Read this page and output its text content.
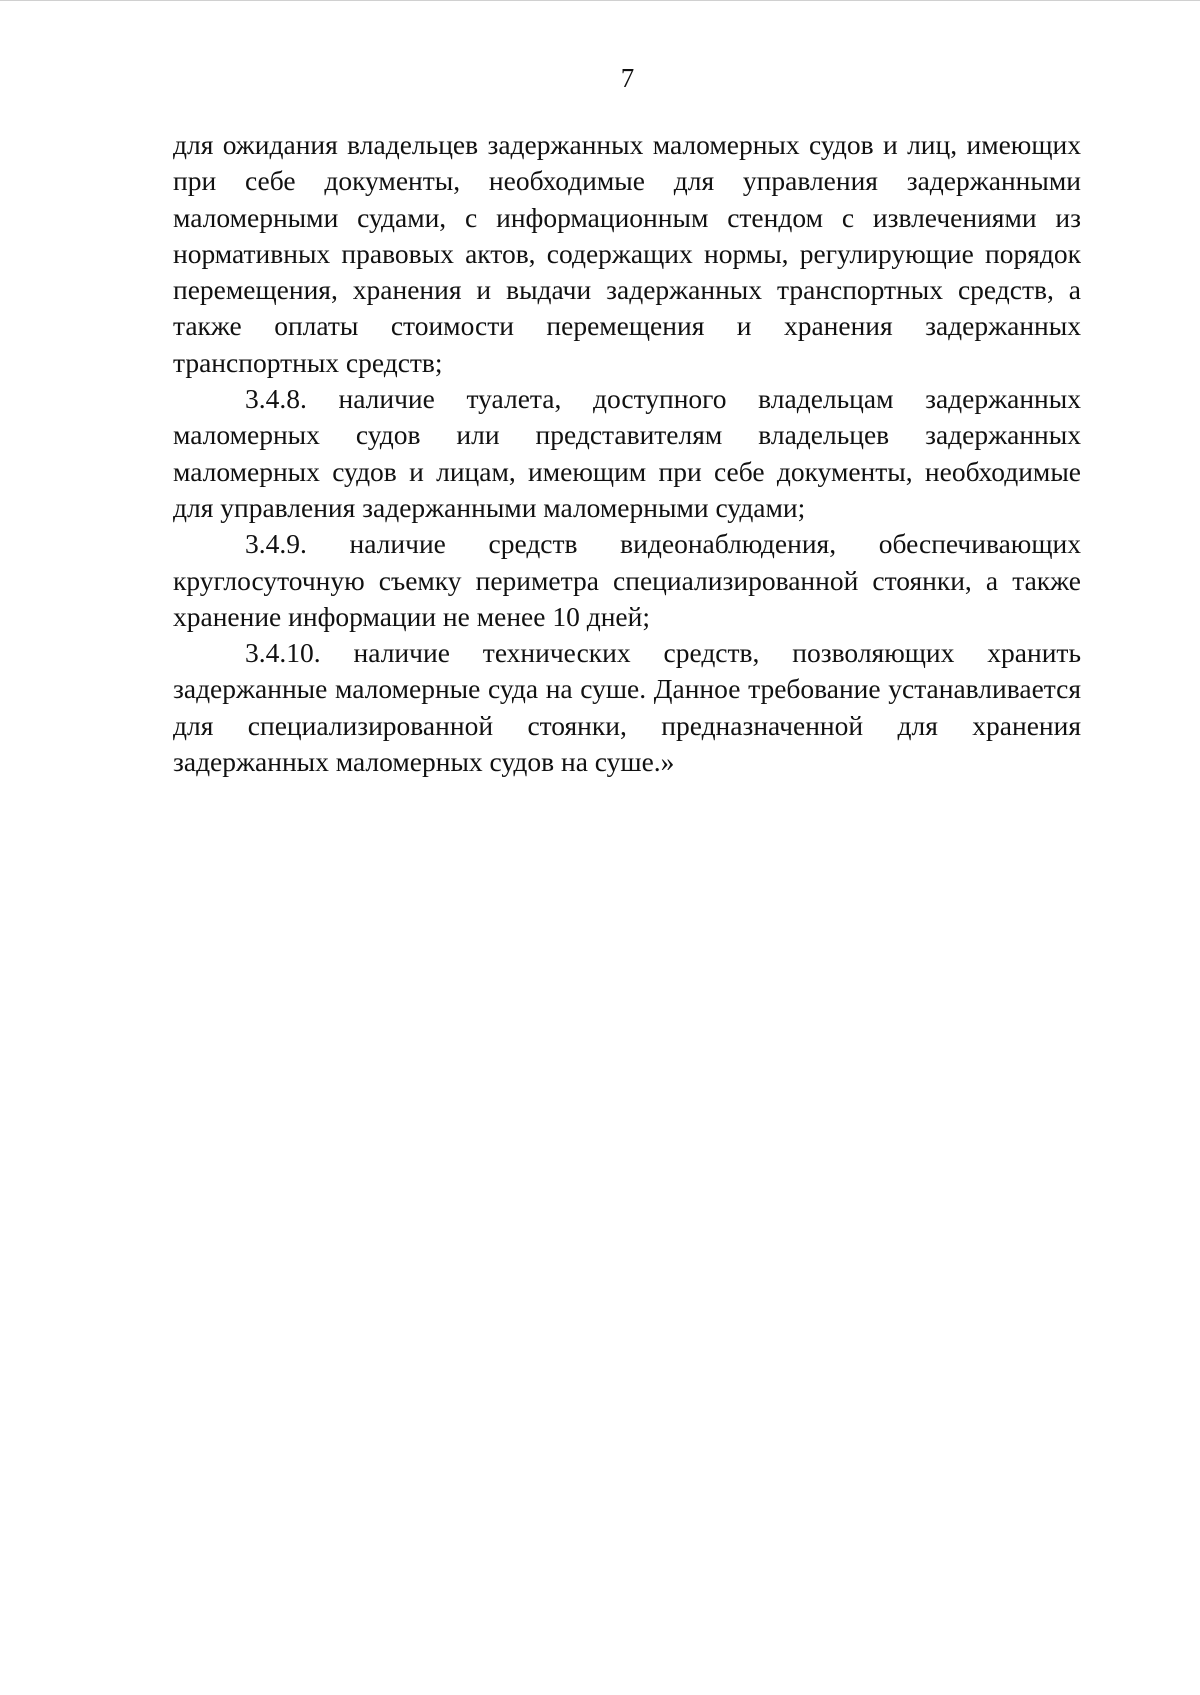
7

для ожидания владельцев задержанных маломерных судов и лиц, имеющих при себе документы, необходимые для управления задержанными маломерными судами, с информационным стендом с извлечениями из нормативных правовых актов, содержащих нормы, регулирующие порядок перемещения, хранения и выдачи задержанных транспортных средств, а также оплаты стоимости перемещения и хранения задержанных транспортных средств;

3.4.8. наличие туалета, доступного владельцам задержанных маломерных судов или представителям владельцев задержанных маломерных судов и лицам, имеющим при себе документы, необходимые для управления задержанными маломерными судами;

3.4.9. наличие средств видеонаблюдения, обеспечивающих круглосуточную съемку периметра специализированной стоянки, а также хранение информации не менее 10 дней;

3.4.10. наличие технических средств, позволяющих хранить задержанные маломерные суда на суше. Данное требование устанавливается для специализированной стоянки, предназначенной для хранения задержанных маломерных судов на суше.»
